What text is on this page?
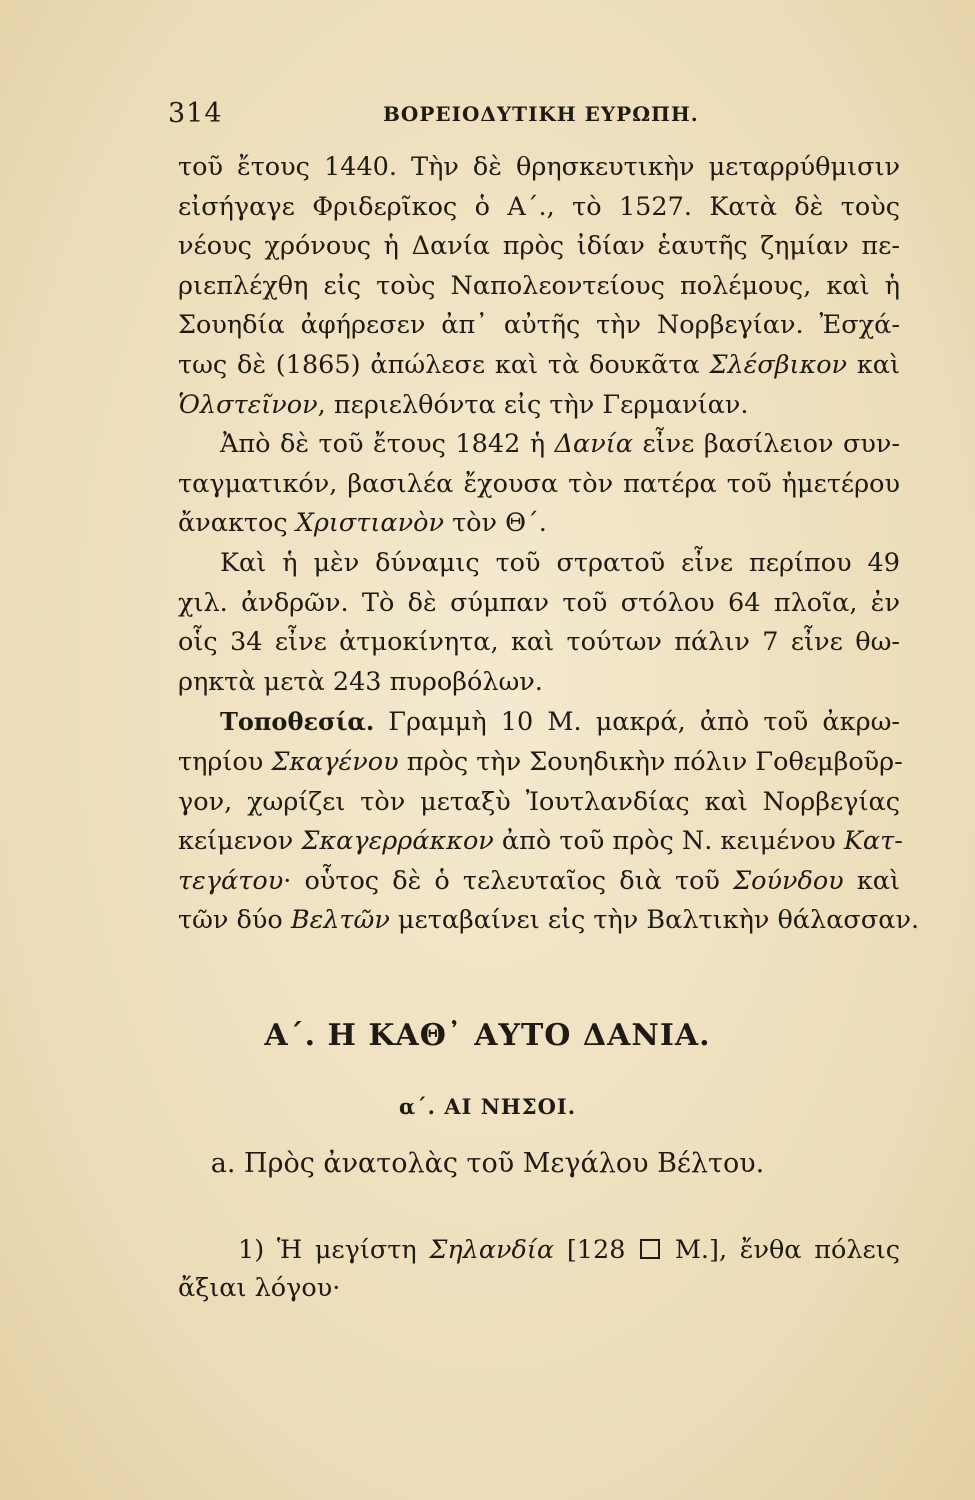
314	ΒΟΡΕΙΟΔΥΤΙΚΗ ΕΥΡΩΠΗ.
τοῦ ἔτους 1440. Τὴν δὲ θρησκευτικὴν μεταρρύθμισιν
εἰσήγαγε Φριδερῖκος ὁ Α΄., τὸ 1527. Κατὰ δὲ τοὺς
νέους χρόνους ἡ Δανία πρὸς ἰδίαν ἑαυτῆς ζημίαν πε-
ριεπλέχθη εἰς τοὺς Ναπολεοντείους πολέμους, καὶ ἡ
Σουηδία ἀφήρεσεν ἀπ᾽ αὐτῆς τὴν Νορβεγίαν. Ἐσχά-
τως δὲ (1865) ἀπώλεσε καὶ τὰ δουκᾶτα Σλέσβικον καὶ
Ὁλστεῖνον, περιελθόντα εἰς τὴν Γερμανίαν.
Ἀπὸ δὲ τοῦ ἔτους 1842 ἡ Δανία εἶνε βασίλειον συν-
ταγματικόν, βασιλέα ἔχουσα τὸν πατέρα τοῦ ἡμετέρου
ἄνακτος Χριστιανὸν τὸν Θ΄.
Καὶ ἡ μὲν δύναμις τοῦ στρατοῦ εἶνε περίπου 49
χιλ. ἀνδρῶν. Τὸ δὲ σύμπαν τοῦ στόλου 64 πλοῖα, ἐν
οἷς 34 εἶνε ἀτμοκίνητα, καὶ τούτων πάλιν 7 εἶνε θω-
ρηκτὰ μετὰ 243 πυροβόλων.
Τοποθεσία. Γραμμὴ 10 Μ. μακρά, ἀπὸ τοῦ ἀκρω-
τηρίου Σκαγένου πρὸς τὴν Σουηδικὴν πόλιν Γοθεμβοῦρ-
γον, χωρίζει τὸν μεταξὺ Ἰουτλανδίας καὶ Νορβεγίας
κείμενον Σκαγερράκκον ἀπὸ τοῦ πρὸς Ν. κειμένου Κατ-
τεγάτου· οὗτος δὲ ὁ τελευταῖος διὰ τοῦ Σούνδου καὶ
τῶν δύο Βελτῶν μεταβαίνει εἰς τὴν Βαλτικὴν θάλασσαν.
Α΄. Η ΚΑΘ᾽ ΑΥΤΟ ΔΑΝΙΑ.
α΄. ΑΙ ΝΗΣΟΙ.
a. Πρὸς ἀνατολὰς τοῦ Μεγάλου Βέλτου.
1) Ἡ μεγίστη Σηλανδία [128  Μ.], ἔνθα πόλεις
ἄξιαι λόγου·
